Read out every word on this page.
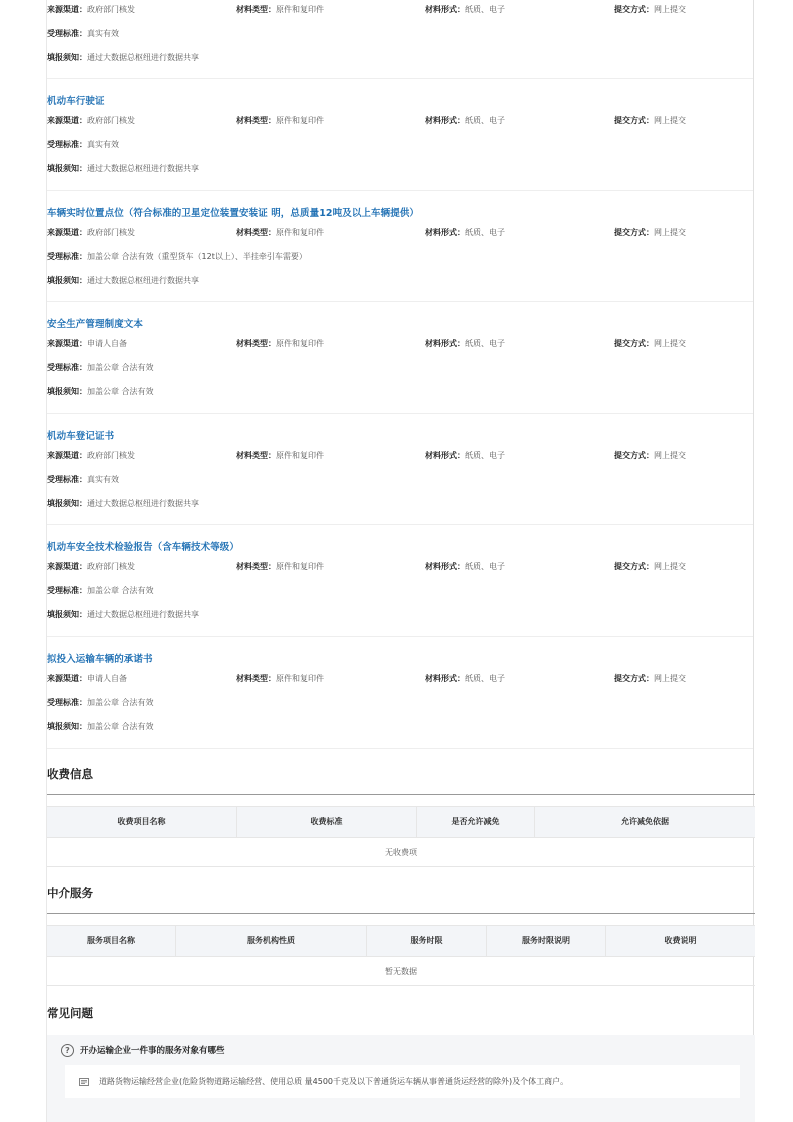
来源渠道：政府部门核发	材料类型：原件和复印件	材料形式：纸质、电子	提交方式：网上提交
受理标准：真实有效
填报须知：通过大数据总枢纽进行数据共享
机动车行驶证
来源渠道：政府部门核发	材料类型：原件和复印件	材料形式：纸质、电子	提交方式：网上提交
受理标准：真实有效
填报须知：通过大数据总枢纽进行数据共享
车辆实时位置点位（符合标准的卫星定位装置安装证 明，总质量12吨及以上车辆提供）
来源渠道：政府部门核发	材料类型：原件和复印件	材料形式：纸质、电子	提交方式：网上提交
受理标准：加盖公章 合法有效（重型货车（12t以上）、半挂牵引车需要）
填报须知：通过大数据总枢纽进行数据共享
安全生产管理制度文本
来源渠道：申请人自备	材料类型：原件和复印件	材料形式：纸质、电子	提交方式：网上提交
受理标准：加盖公章 合法有效
填报须知：加盖公章 合法有效
机动车登记证书
来源渠道：政府部门核发	材料类型：原件和复印件	材料形式：纸质、电子	提交方式：网上提交
受理标准：真实有效
填报须知：通过大数据总枢纽进行数据共享
机动车安全技术检验报告（含车辆技术等级）
来源渠道：政府部门核发	材料类型：原件和复印件	材料形式：纸质、电子	提交方式：网上提交
受理标准：加盖公章 合法有效
填报须知：通过大数据总枢纽进行数据共享
拟投入运输车辆的承诺书
来源渠道：申请人自备	材料类型：原件和复印件	材料形式：纸质、电子	提交方式：网上提交
受理标准：加盖公章 合法有效
填报须知：加盖公章 合法有效
收费信息
收费项目名称	收费标准	是否允许减免	允许减免依据
无收费项
中介服务
服务项目名称	服务机构性质	服务时限	服务时限说明	收费说明
暂无数据
常见问题
? 开办运输企业一件事的服务对象有哪些
道路货物运输经营企业(危险货物道路运输经营、使用总质 量4500千克及以下普通货运车辆从事普通货运经营的除外)及个体工商户。
